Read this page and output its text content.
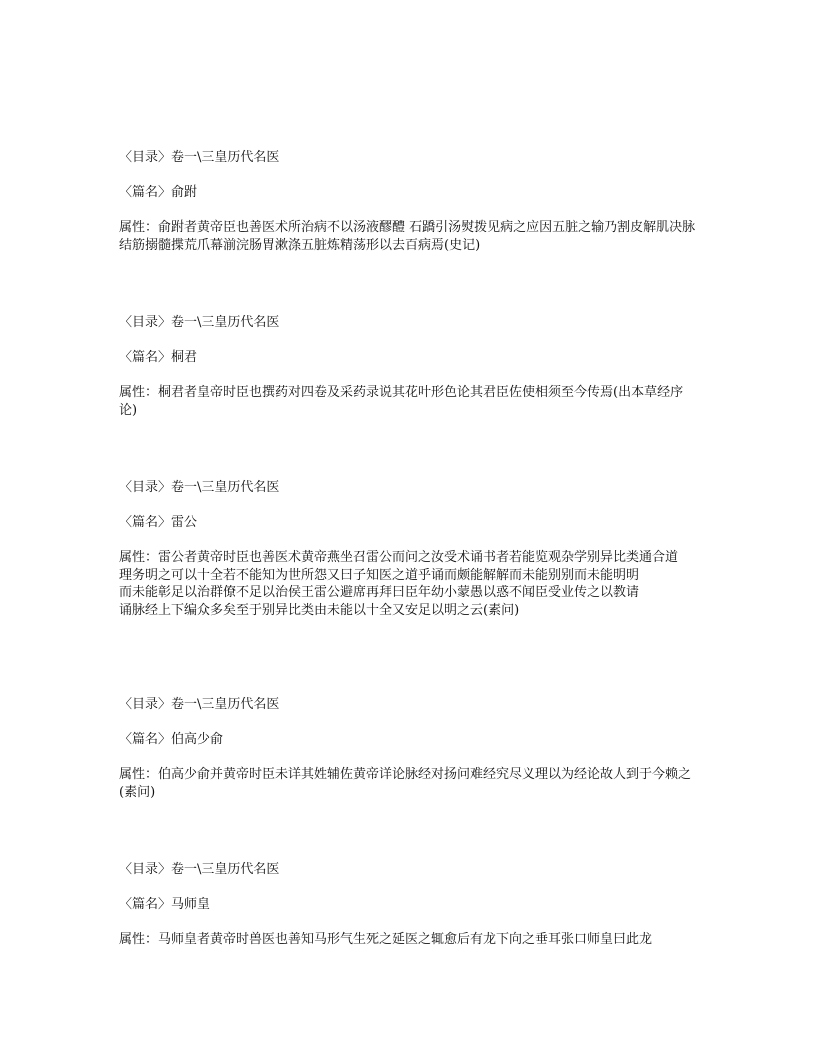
〈目录〉卷一\三皇历代名医
〈篇名〉俞跗
属性：俞跗者黄帝臣也善医术所治病不以汤液醪醴 石蹻引汤熨拨见病之应因五脏之输乃割皮解肌决脉结筋搦髓揲荒爪幕湔浣肠胃漱涤五脏炼精荡形以去百病焉(史记)
〈目录〉卷一\三皇历代名医
〈篇名〉桐君
属性：桐君者皇帝时臣也撰药对四卷及采药录说其花叶形色论其君臣佐使相须至今传焉(出本草经序论)
〈目录〉卷一\三皇历代名医
〈篇名〉雷公
属性：雷公者黄帝时臣也善医术黄帝燕坐召雷公而问之汝受术诵书者若能览观杂学别异比类通合道
理务明之可以十全若不能知为世所怨又曰子知医之道乎诵而颇能解解而未能别别而未能明明
而未能彰足以治群僚不足以治侯王雷公避席再拜曰臣年幼小蒙愚以惑不闻臣受业传之以教请
诵脉经上下编众多矣至于别异比类由未能以十全又安足以明之云(素问)
〈目录〉卷一\三皇历代名医
〈篇名〉伯高少俞
属性：伯高少俞并黄帝时臣未详其姓辅佐黄帝详论脉经对扬问难经究尽义理以为经论故人到于今赖之(素问)
〈目录〉卷一\三皇历代名医
〈篇名〉马师皇
属性：马师皇者黄帝时兽医也善知马形气生死之延医之辄愈后有龙下向之垂耳张口师皇曰此龙
